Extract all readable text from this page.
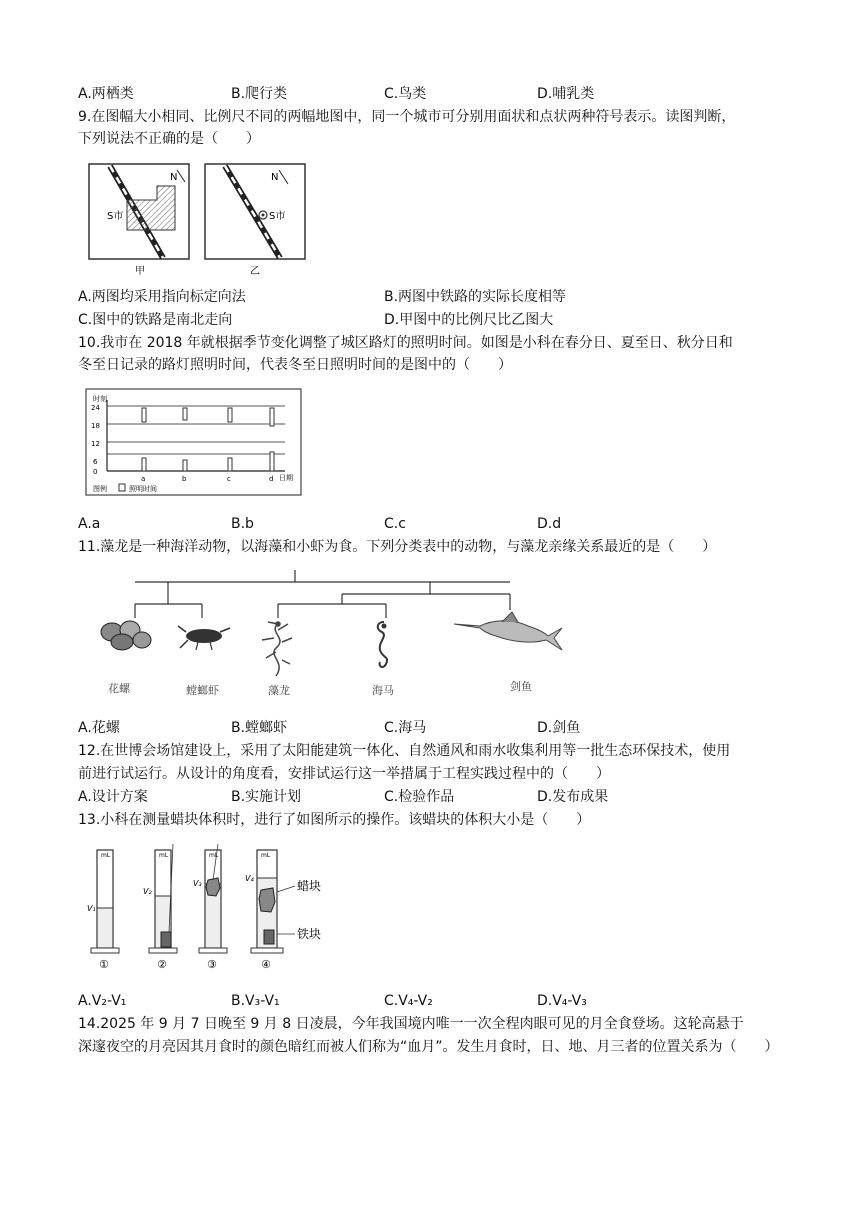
A.两栖类	B.爬行类	C.鸟类	D.哺乳类
9.在图幅大小相同、比例尺不同的两幅地图中，同一个城市可分别用面状和点状两种符号表示。读图判断，
下列说法不正确的是（　　）
S市
N
甲
S市
N
乙
A.两图均采用指向标定向法	B.两图中铁路的实际长度相等
C.图中的铁路是南北走向	D.甲图中的比例尺比乙图大
10.我市在 2018 年就根据季节变化调整了城区路灯的照明时间。如图是小科在春分日、夏至日、秋分日和
冬至日记录的路灯照明时间，代表冬至日照明时间的是图中的（　　）
时刻
24
18
12
6
0
a	b	c	d 日期
图例	照明时间
A.a	B.b	C.c	D.d
11.藻龙是一种海洋动物，以海藻和小虾为食。下列分类表中的动物，与藻龙亲缘关系最近的是（　　）
花螺	螳螂虾	藻龙	海马	剑鱼
A.花螺	B.螳螂虾	C.海马	D.剑鱼
12.在世博会场馆建设上，采用了太阳能建筑一体化、自然通风和雨水收集利用等一批生态环保技术，使用
前进行试运行。从设计的角度看，安排试运行这一举措属于工程实践过程中的（　　）
A.设计方案	B.实施计划	C.检验作品	D.发布成果
13.小科在测量蜡块体积时，进行了如图所示的操作。该蜡块的体积大小是（　　）
mL
V₁
mL
V₂
mL
V₃
mL
V₄
蜡块
铁块
①	②	③	④
A.V₂-V₁	B.V₃-V₁	C.V₄-V₂	D.V₄-V₃
14.2025 年 9 月 7 日晚至 9 月 8 日凌晨，今年我国境内唯一一次全程肉眼可见的月全食登场。这轮高悬于
深邃夜空的月亮因其月食时的颜色暗红而被人们称为“血月”。发生月食时，日、地、月三者的位置关系为（　　）
